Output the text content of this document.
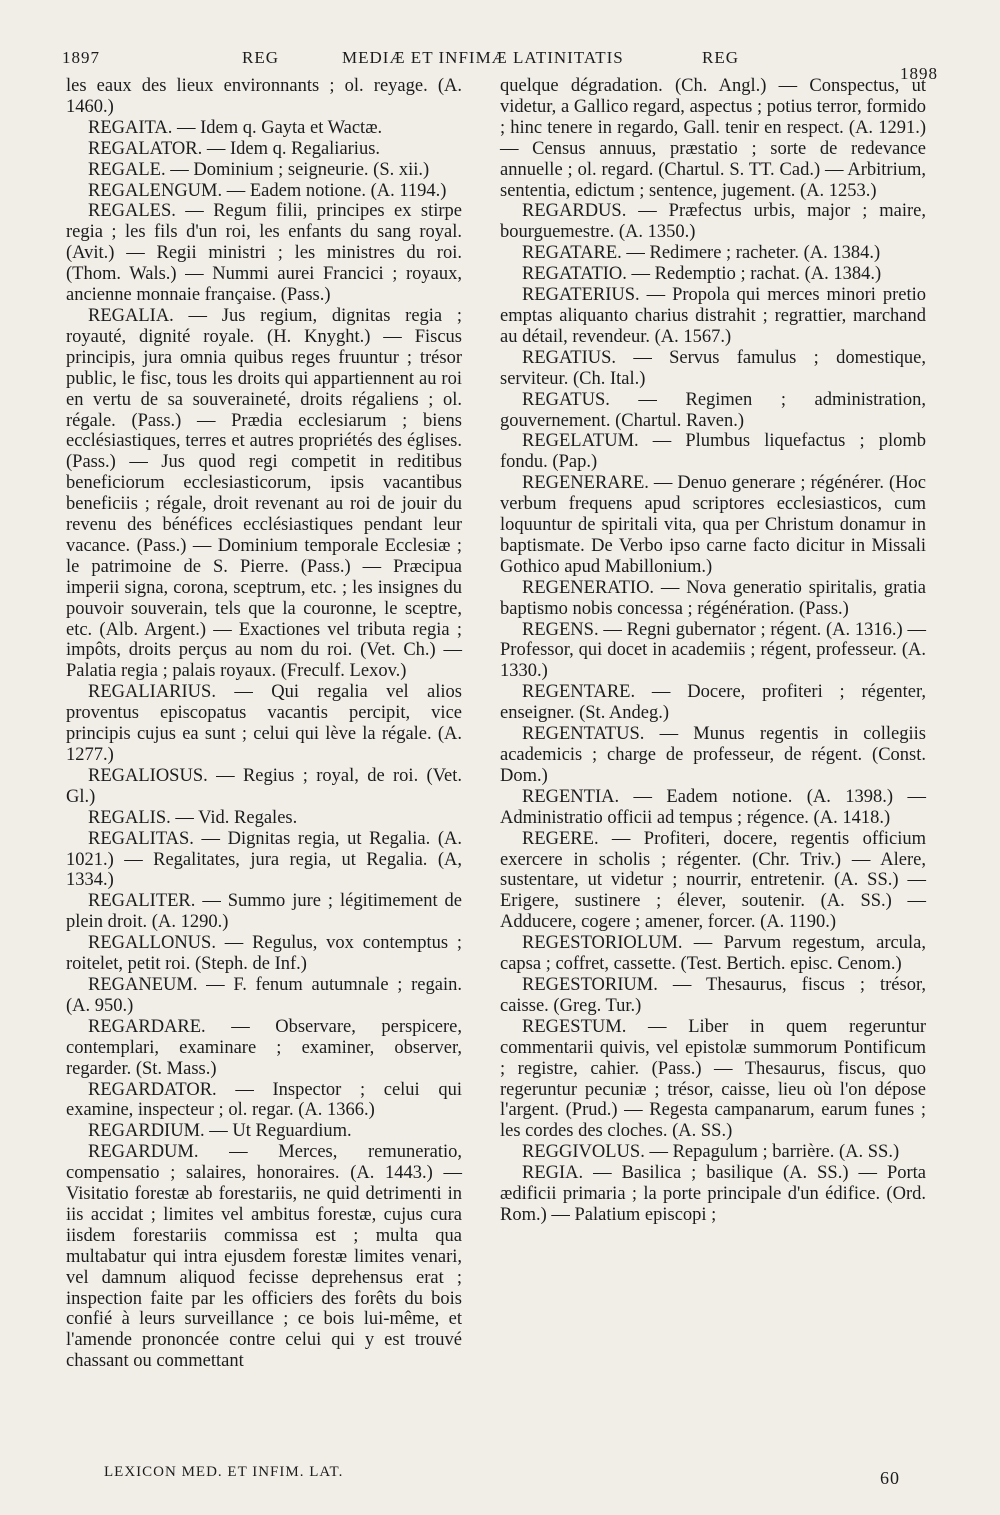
1897	REG	MEDIÆ ET INFIMÆ LATINITATIS	REG
1898

les eaux des lieux environnants ; ol. reyage. (A. 1460.)

REGAITA. — Idem q. Gayta et Wactæ.

REGALATOR. — Idem q. Regaliarius.

REGALE. — Dominium ; seigneurie. (S. xii.)

REGALENGUM. — Eadem notione. (A. 1194.)

REGALES. — Regum filii, principes ex stirpe regia ; les fils d'un roi, les enfants du sang royal. (Avit.) — Regii ministri ; les ministres du roi. (Thom. Wals.) — Nummi aurei Francici ; royaux, ancienne monnaie française. (Pass.)

REGALIA. — Jus regium, dignitas regia ; royauté, dignité royale. (H. Knyght.) — Fiscus principis, jura omnia quibus reges fruuntur ; trésor public, le fisc, tous les droits qui appartiennent au roi en vertu de sa souveraineté, droits régaliens ; ol. régale. (Pass.) — Prædia ecclesiarum ; biens ecclésiastiques, terres et autres propriétés des églises. (Pass.) — Jus quod regi competit in reditibus beneficiorum ecclesiasticorum, ipsis vacantibus beneficiis ; régale, droit revenant au roi de jouir du revenu des bénéfices ecclésiastiques pendant leur vacance. (Pass.) — Dominium temporale Ecclesiæ ; le patrimoine de S. Pierre. (Pass.) — Præcipua imperii signa, corona, sceptrum, etc. ; les insignes du pouvoir souverain, tels que la couronne, le sceptre, etc. (Alb. Argent.) — Exactiones vel tributa regia ; impôts, droits perçus au nom du roi. (Vet. Ch.) — Palatia regia ; palais royaux. (Freculf. Lexov.)

REGALIARIUS. — Qui regalia vel alios proventus episcopatus vacantis percipit, vice principis cujus ea sunt ; celui qui lève la régale. (A. 1277.)

REGALIOSUS. — Regius ; royal, de roi. (Vet. Gl.)

REGALIS. — Vid. Regales.

REGALITAS. — Dignitas regia, ut Regalia. (A. 1021.) — Regalitates, jura regia, ut Regalia. (A, 1334.)

REGALITER. — Summo jure ; légitimement de plein droit. (A. 1290.)

REGALLONUS. — Regulus, vox contemptus ; roitelet, petit roi. (Steph. de Inf.)

REGANEUM. — F. fenum autumnale ; regain. (A. 950.)

REGARDARE. — Observare, perspicere, contemplari, examinare ; examiner, observer, regarder. (St. Mass.)

REGARDATOR. — Inspector ; celui qui examine, inspecteur ; ol. regar. (A. 1366.)

REGARDIUM. — Ut Reguardium.

REGARDUM. — Merces, remuneratio, compensatio ; salaires, honoraires. (A. 1443.) — Visitatio forestæ ab forestariis, ne quid detrimenti in iis accidat ; limites vel ambitus forestæ, cujus cura iisdem forestariis commissa est ; multa qua multabatur qui intra ejusdem forestæ limites venari, vel damnum aliquod fecisse deprehensus erat ; inspection faite par les officiers des forêts du bois confié à leurs surveillance ; ce bois lui-même, et l'amende prononcée contre celui qui y est trouvé chassant ou commettant

quelque dégradation. (Ch. Angl.) — Conspectus, ut videtur, a Gallico regard, aspectus ; potius terror, formido ; hinc tenere in regardo, Gall. tenir en respect. (A. 1291.) — Census annuus, præstatio ; sorte de redevance annuelle ; ol. regard. (Chartul. S. TT. Cad.) — Arbitrium, sententia, edictum ; sentence, jugement. (A. 1253.)

REGARDUS. — Præfectus urbis, major ; maire, bourguemestre. (A. 1350.)

REGATARE. — Redimere ; racheter. (A. 1384.)

REGATATIO. — Redemptio ; rachat. (A. 1384.)

REGATERIUS. — Propola qui merces minori pretio emptas aliquanto charius distrahit ; regrattier, marchand au détail, revendeur. (A. 1567.)

REGATIUS. — Servus famulus ; domestique, serviteur. (Ch. Ital.)

REGATUS. — Regimen ; administration, gouvernement. (Chartul. Raven.)

REGELATUM. — Plumbus liquefactus ; plomb fondu. (Pap.)

REGENERARE. — Denuo generare ; régénérer. (Hoc verbum frequens apud scriptores ecclesiasticos, cum loquuntur de spiritali vita, qua per Christum donamur in baptismate. De Verbo ipso carne facto dicitur in Missali Gothico apud Mabillonium.)

REGENERATIO. — Nova generatio spiritalis, gratia baptismo nobis concessa ; régénération. (Pass.)

REGENS. — Regni gubernator ; régent. (A. 1316.) — Professor, qui docet in academiis ; régent, professeur. (A. 1330.)

REGENTARE. — Docere, profiteri ; régenter, enseigner. (St. Andeg.)

REGENTATUS. — Munus regentis in collegiis academicis ; charge de professeur, de régent. (Const. Dom.)

REGENTIA. — Eadem notione. (A. 1398.) — Administratio officii ad tempus ; régence. (A. 1418.)

REGERE. — Profiteri, docere, regentis officium exercere in scholis ; régenter. (Chr. Triv.) — Alere, sustentare, ut videtur ; nourrir, entretenir. (A. SS.) — Erigere, sustinere ; élever, soutenir. (A. SS.) — Adducere, cogere ; amener, forcer. (A. 1190.)

REGESTORIOLUM. — Parvum regestum, arcula, capsa ; coffret, cassette. (Test. Bertich. episc. Cenom.)

REGESTORIUM. — Thesaurus, fiscus ; trésor, caisse. (Greg. Tur.)

REGESTUM. — Liber in quem regeruntur commentarii quivis, vel epistolæ summorum Pontificum ; registre, cahier. (Pass.) — Thesaurus, fiscus, quo regeruntur pecuniæ ; trésor, caisse, lieu où l'on dépose l'argent. (Prud.) — Regesta campanarum, earum funes ; les cordes des cloches. (A. SS.)

REGGIVOLUS. — Repagulum ; barrière. (A. SS.)

REGIA. — Basilica ; basilique (A. SS.) — Porta ædificii primaria ; la porte principale d'un édifice. (Ord. Rom.) — Palatium episcopi ;

LEXICON MED. ET INFIM. LAT.	60
